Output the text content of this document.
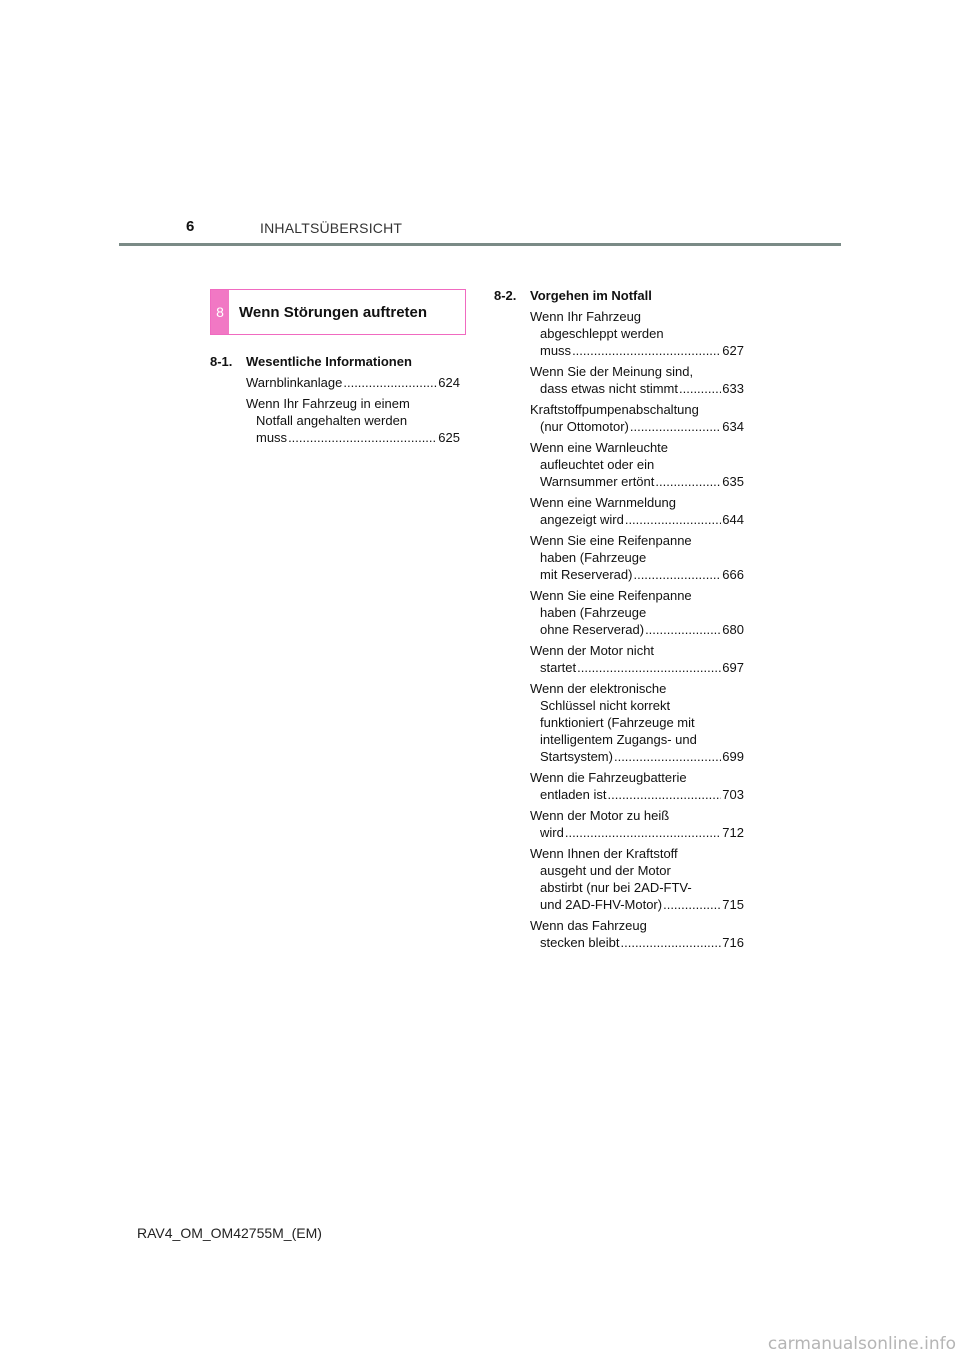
6	INHALTSÜBERSICHT
8	Wenn Störungen auftreten
8-1.	Wesentliche Informationen
Warnblinkanlage .....	624
Wenn Ihr Fahrzeug in einem
Notfall angehalten werden
muss .....	625
8-2.	Vorgehen im Notfall
Wenn Ihr Fahrzeug
abgeschleppt werden
muss .....	627
Wenn Sie der Meinung sind,
dass etwas nicht stimmt .....	633
Kraftstoffpumpenabschaltung
(nur Ottomotor) .....	634
Wenn eine Warnleuchte
aufleuchtet oder ein
Warnsummer ertönt .....	635
Wenn eine Warnmeldung
angezeigt wird .....	644
Wenn Sie eine Reifenpanne
haben (Fahrzeuge
mit Reserverad) .....	666
Wenn Sie eine Reifenpanne
haben (Fahrzeuge
ohne Reserverad) .....	680
Wenn der Motor nicht
startet .....	697
Wenn der elektronische
Schlüssel nicht korrekt
funktioniert (Fahrzeuge mit
intelligentem Zugangs- und
Startsystem) .....	699
Wenn die Fahrzeugbatterie
entladen ist .....	703
Wenn der Motor zu heiß
wird .....	712
Wenn Ihnen der Kraftstoff
ausgeht und der Motor
abstirbt (nur bei 2AD-FTV-
und 2AD-FHV-Motor) .....	715
Wenn das Fahrzeug
stecken bleibt .....	716
RAV4_OM_OM42755M_(EM)
carmanualsonline.info
